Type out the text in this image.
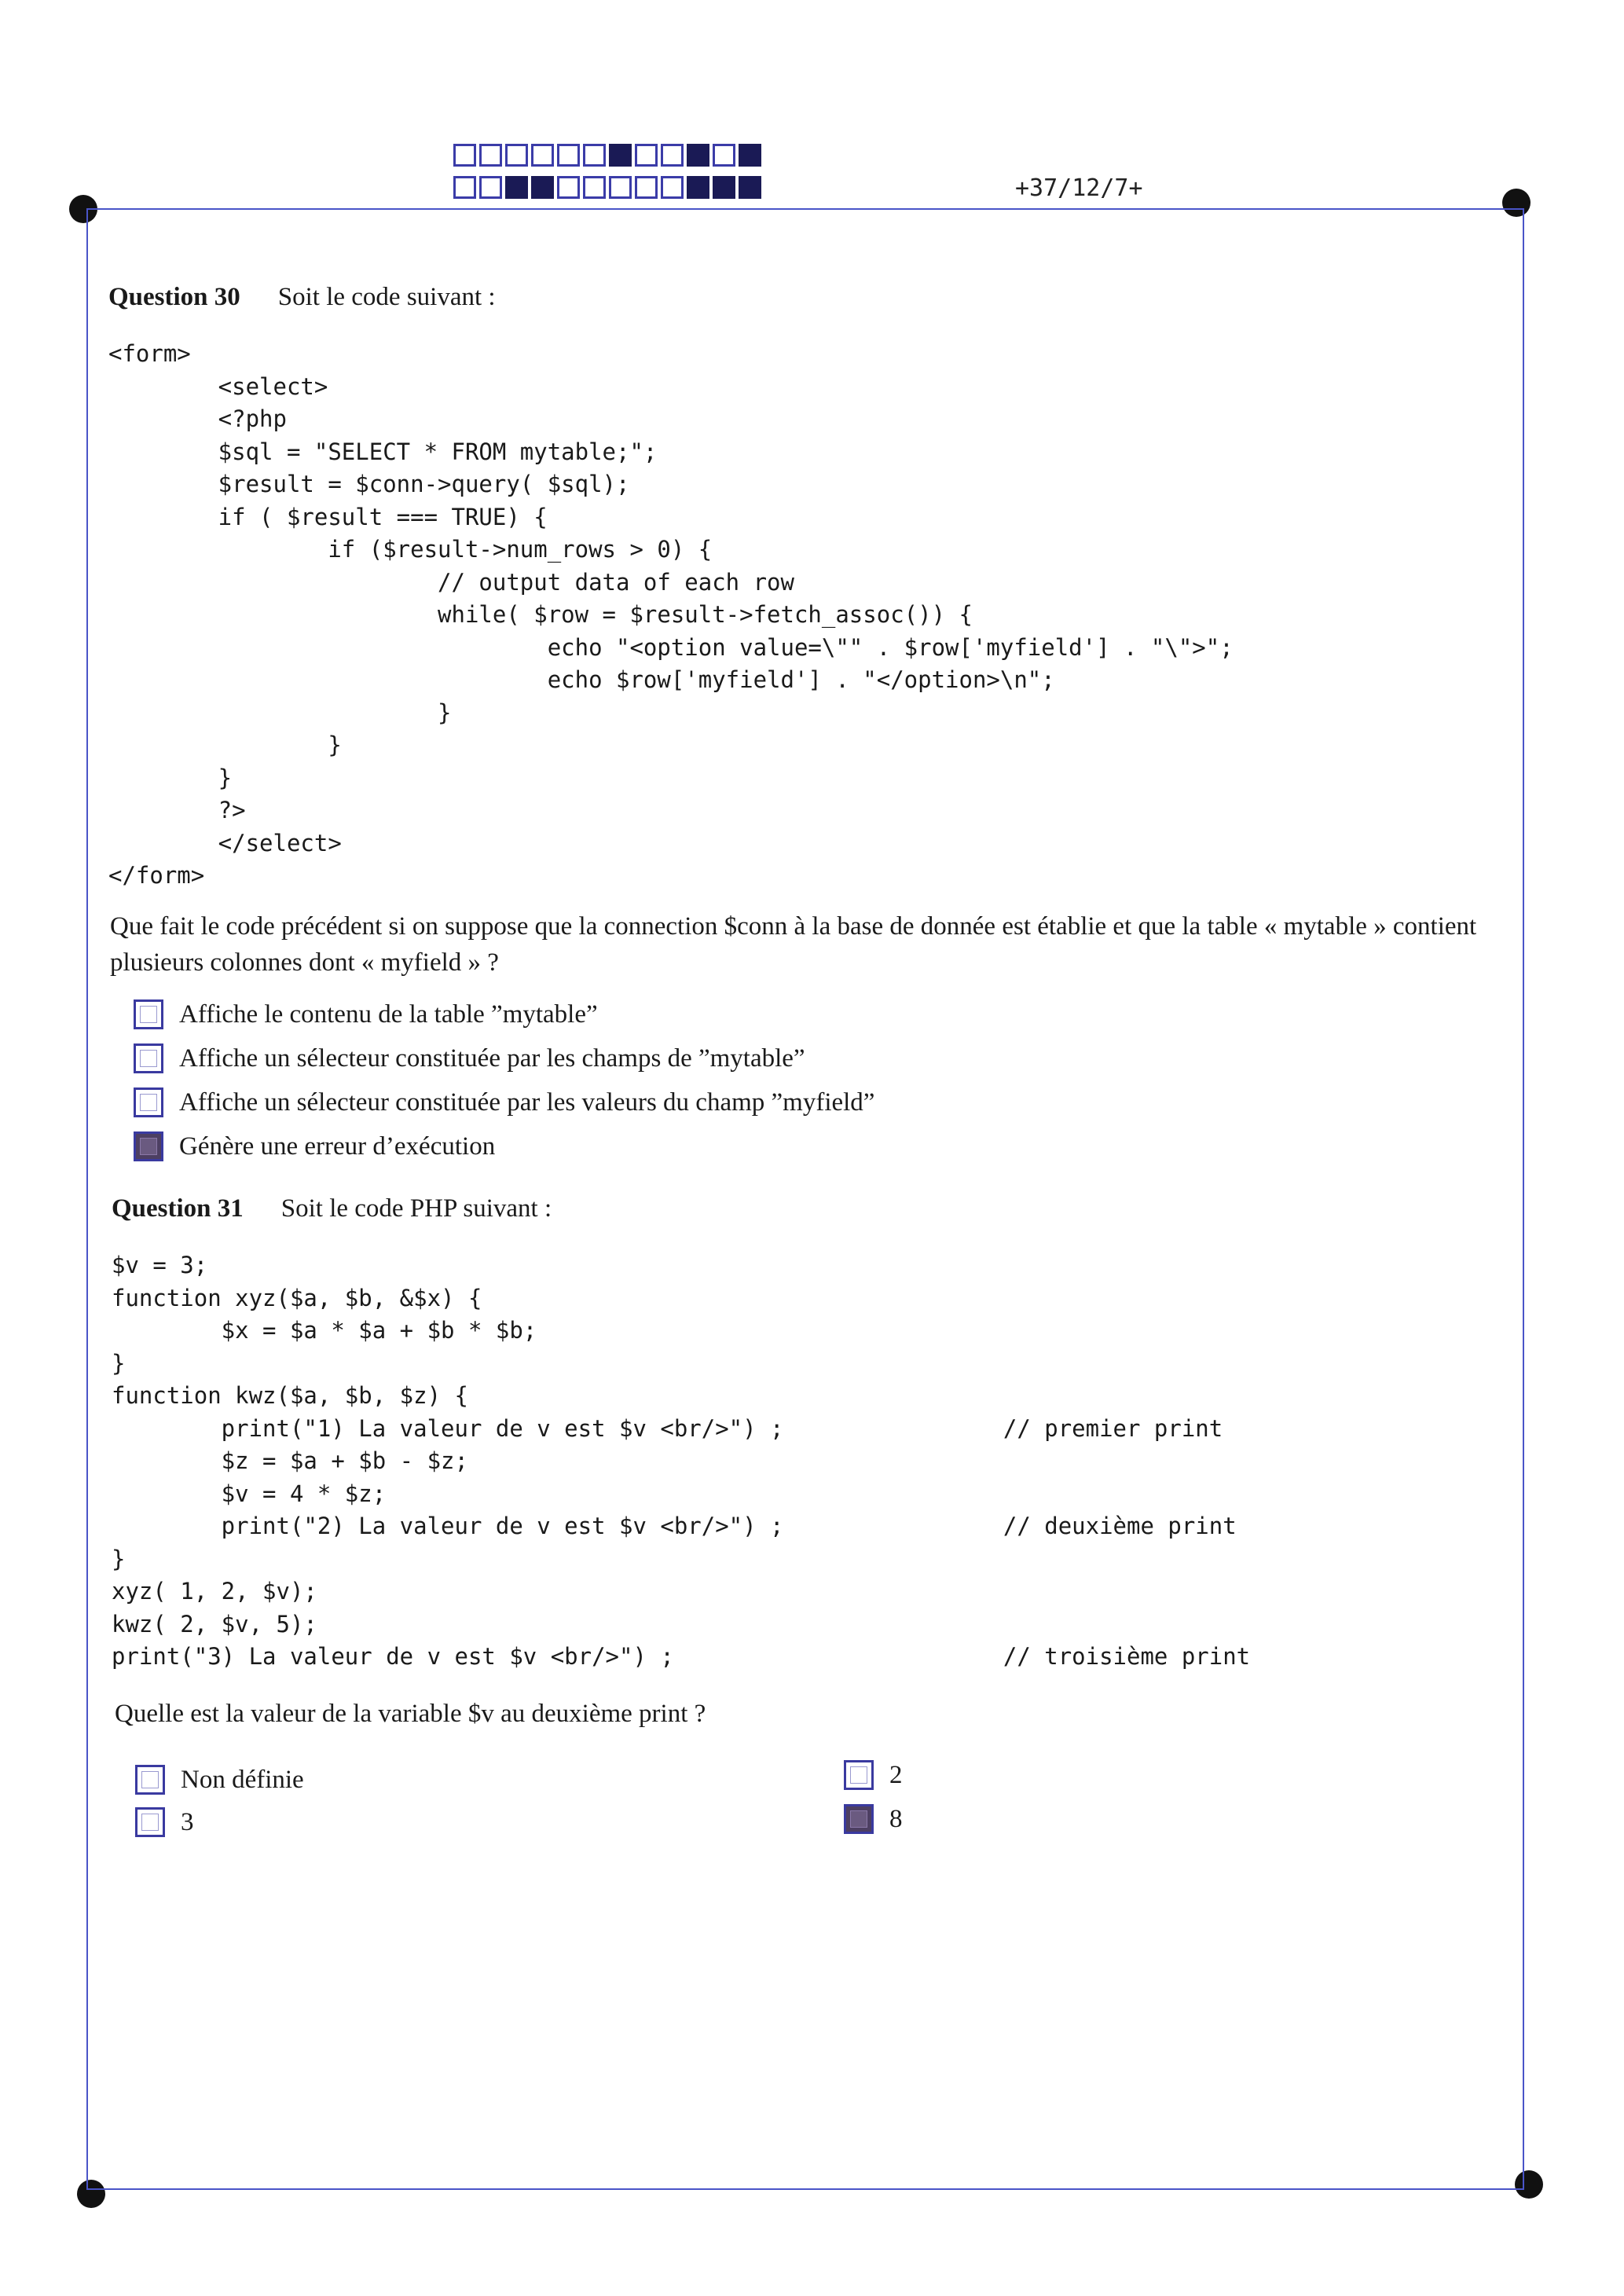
+37/12/7+
Question 30 Soit le code suivant :
<form>
<select>
<?php
$sql = "SELECT * FROM mytable;";
$result = $conn->query( $sql);
if ( $result === TRUE) {
if ($result->num_rows > 0) {
// output data of each row
while( $row = $result->fetch_assoc()) {
echo "<option value=\"" . $row['myfield'] . "\">";
echo $row['myfield'] . "</option>\n";
}
}
}
?>
</select>
</form>
Que fait le code précédent si on suppose que la connection $conn à la base de donnée est établie et que la table « mytable » contient plusieurs colonnes dont « myfield » ?
Affiche le contenu de la table ”mytable”
Affiche un sélecteur constituée par les champs de ”mytable”
Affiche un sélecteur constituée par les valeurs du champ ”myfield”
Génère une erreur d’exécution
Question 31 Soit le code PHP suivant :
$v = 3;
function xyz($a, $b, &$x) {
$x = $a * $a + $b * $b;
}
function kwz($a, $b, $z) {
print("1) La valeur de v est $v <br/>") ;                // premier print
$z = $a + $b - $z;
$v = 4 * $z;
print("2) La valeur de v est $v <br/>") ;                // deuxième print
}
xyz( 1, 2, $v);
kwz( 2, $v, 5);
print("3) La valeur de v est $v <br/>") ;                        // troisième print
Quelle est la valeur de la variable $v au deuxième print ?
Non définie	2
3	8
